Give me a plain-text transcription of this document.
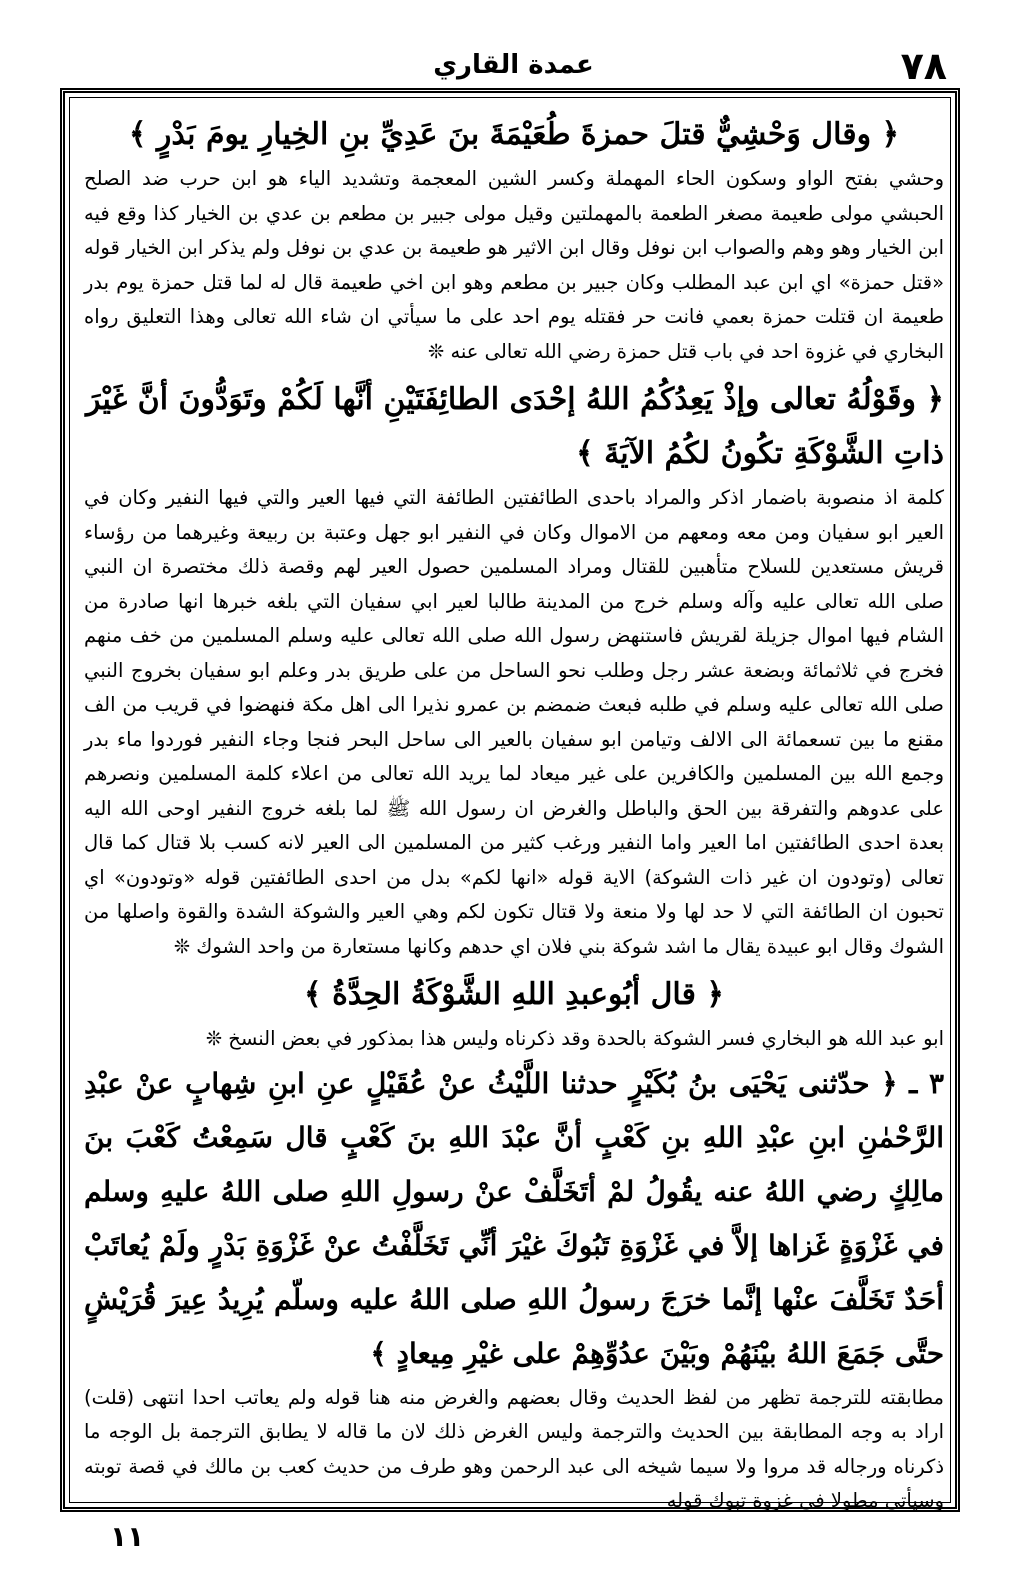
٧٨
عمدة القاري
﴿ وقال وَحْشِيٌّ قتلَ حمزةَ طُعَيْمَةَ بنَ عَدِيِّ بنِ الخِيارِ يومَ بَدْرٍ ﴾

وحشي بفتح الواو وسكون الحاء المهملة وكسر الشين المعجمة وتشديد الياء هو ابن حرب ضد الصلح الحبشي مولى طعيمة مصغر الطعمة بالمهملتين وقيل مولى جبير بن مطعم بن عدي بن الخيار كذا وقع فيه ابن الخيار وهو وهم والصواب ابن نوفل وقال ابن الاثير هو طعيمة بن عدي بن نوفل ولم يذكر ابن الخيار قوله «قتل حمزة» اي ابن عبد المطلب وكان جبير بن مطعم وهو ابن اخي طعيمة قال له لما قتل حمزة يوم بدر طعيمة ان قتلت حمزة بعمي فانت حر فقتله يوم احد على ما سيأتي ان شاء الله تعالى وهذا التعليق رواه البخاري في غزوة احد في باب قتل حمزة رضي الله تعالى عنه ❊

﴿ وقَوْلُهُ تعالى وإذْ يَعِدُكُمُ اللهُ إحْدَى الطائِفَتَيْنِ أنَّها لَكُمْ وتَوَدُّونَ أنَّ غَيْرَ ذاتِ الشَّوْكَةِ تكُونُ لكُمُ الآيَةَ ﴾

كلمة اذ منصوبة باضمار اذكر والمراد باحدى الطائفتين الطائفة التي فيها العير والتي فيها النفير وكان في العير ابو سفيان ومن معه ومعهم من الاموال وكان في النفير ابو جهل وعتبة بن ربيعة وغيرهما من رؤساء قريش مستعدين للسلاح متأهبين للقتال ومراد المسلمين حصول العير لهم وقصة ذلك مختصرة ان النبي صلى الله تعالى عليه وآله وسلم خرج من المدينة طالبا لعير ابي سفيان التي بلغه خبرها انها صادرة من الشام فيها اموال جزيلة لقريش فاستنهض رسول الله صلى الله تعالى عليه وسلم المسلمين من خف منهم فخرج في ثلاثمائة وبضعة عشر رجل وطلب نحو الساحل من على طريق بدر وعلم ابو سفيان بخروج النبي صلى الله تعالى عليه وسلم في طلبه فبعث ضمضم بن عمرو نذيرا الى اهل مكة فنهضوا في قريب من الف مقنع ما بين تسعمائة الى الالف وتيامن ابو سفيان بالعير الى ساحل البحر فنجا وجاء النفير فوردوا ماء بدر وجمع الله بين المسلمين والكافرين على غير ميعاد لما يريد الله تعالى من اعلاء كلمة المسلمين ونصرهم على عدوهم والتفرقة بين الحق والباطل والغرض ان رسول الله ﷺ لما بلغه خروج النفير اوحى الله اليه بعدة احدى الطائفتين اما العير واما النفير ورغب كثير من المسلمين الى العير لانه كسب بلا قتال كما قال تعالى (وتودون ان غير ذات الشوكة) الاية قوله «انها لكم» بدل من احدى الطائفتين قوله «وتودون» اي تحبون ان الطائفة التي لا حد لها ولا منعة ولا قتال تكون لكم وهي العير والشوكة الشدة والقوة واصلها من الشوك وقال ابو عبيدة يقال ما اشد شوكة بني فلان اي حدهم وكانها مستعارة من واحد الشوك ❊

﴿ قال أبُوعبدِ اللهِ الشَّوْكَةُ الحِدَّةُ ﴾

ابو عبد الله هو البخاري فسر الشوكة بالحدة وقد ذكرناه وليس هذا بمذكور في بعض النسخ ❊

٣ ـ ﴿ حدّثنى يَحْيَى بنُ بُكَيْرٍ حدثنا اللَّيْثُ عنْ عُقَيْلٍ عنِ ابنِ شِهابٍ عنْ عبْدِ الرَّحْمٰنِ ابنِ عبْدِ اللهِ بنِ كَعْبٍ أنَّ عبْدَ اللهِ بنَ كَعْبٍ قال سَمِعْتُ كَعْبَ بنَ مالِكٍ رضي اللهُ عنه يقُولُ لمْ أتَخَلَّفْ عنْ رسولِ اللهِ صلى اللهُ عليهِ وسلم في غَزْوَةٍ غَزاها إلاَّ في غَزْوَةِ تَبُوكَ غيْرَ أنِّي تَخَلَّفْتُ عنْ غَزْوَةِ بَدْرٍ ولَمْ يُعاتَبْ أحَدٌ تَخَلَّفَ عنْها إنَّما خرَجَ رسولُ اللهِ صلى اللهُ عليه وسلّم يُرِيدُ عِيرَ قُرَيْشٍ حتَّى جَمَعَ اللهُ بيْنَهُمْ وبَيْنَ عدُوِّهِمْ على غيْرِ مِيعادٍ ﴾

مطابقته للترجمة تظهر من لفظ الحديث وقال بعضهم والغرض منه هنا قوله ولم يعاتب احدا انتهى (قلت) اراد به وجه المطابقة بين الحديث والترجمة وليس الغرض ذلك لان ما قاله لا يطابق الترجمة بل الوجه ما ذكرناه ورجاله قد مروا ولا سيما شيخه الى عبد الرحمن وهو طرف من حديث كعب بن مالك في قصة توبته وسيأتي مطولا في غزوة تبوك قوله

١١
